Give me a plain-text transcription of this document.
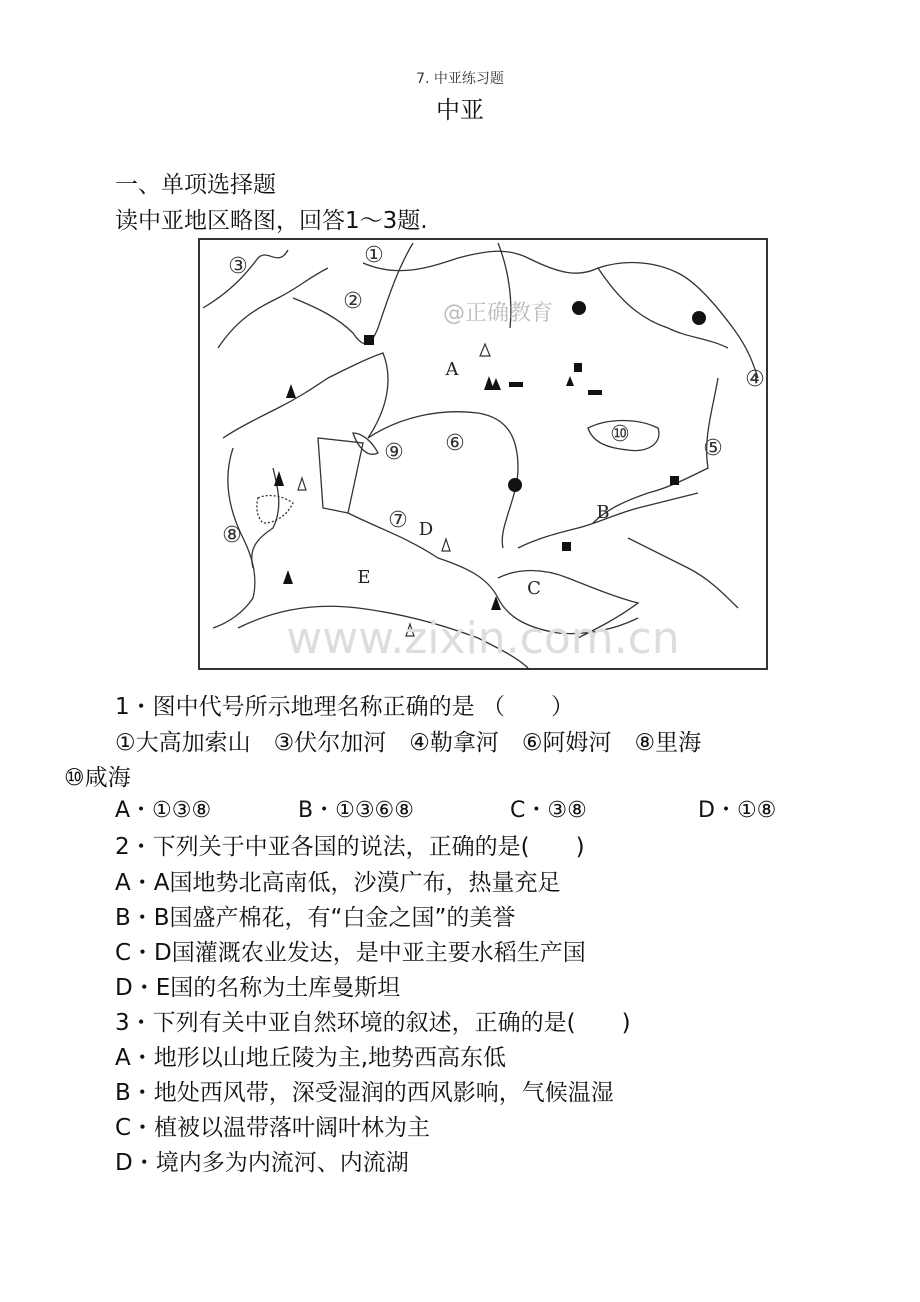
7. 中亚练习题
中亚
一、单项选择题
读中亚地区略图，回答1～3题.
①
②
③
④
⑤
⑥
⑦
⑧
⑨
⑩
A
B
C
D
E
@正确教育
www.zixin.com.cn
1・图中代号所示地理名称正确的是 （　　）
①大高加索山　③伏尔加河　④勒拿河　⑥阿姆河　⑧里海
⑩咸海
A・①③⑧	B・①③⑥⑧	C・③⑧	D・①⑧
2・下列关于中亚各国的说法，正确的是(　　)
A・A国地势北高南低，沙漠广布，热量充足
B・B国盛产棉花，有“白金之国”的美誉
C・D国灌溉农业发达，是中亚主要水稻生产国
D・E国的名称为土库曼斯坦
3・下列有关中亚自然环境的叙述，正确的是(　　)
A・地形以山地丘陵为主,地势西高东低
B・地处西风带，深受湿润的西风影响，气候温湿
C・植被以温带落叶阔叶林为主
D・境内多为内流河、内流湖
